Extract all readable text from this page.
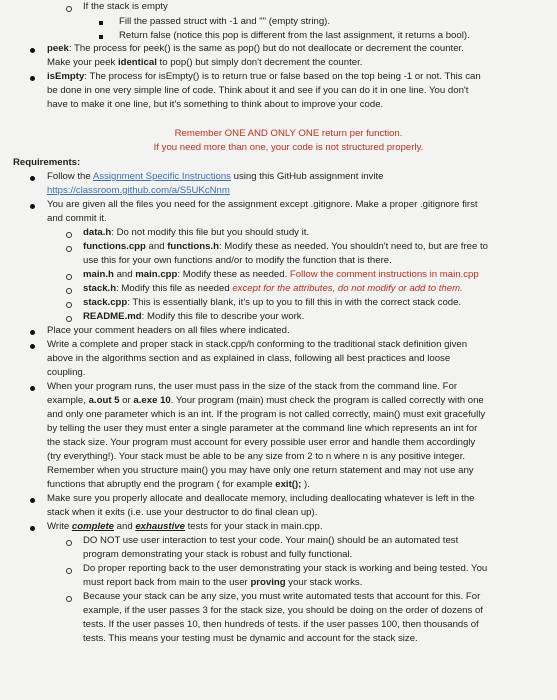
If the stack is empty
Fill the passed struct with -1 and "" (empty string).
Return false (notice this pop is different from the last assignment, it returns a bool).
peek: The process for peek() is the same as pop() but do not deallocate or decrement the counter.
Make your peek identical to pop() but simply don't decrement the counter.
isEmpty: The process for isEmpty() is to return true or false based on the top being -1 or not. This can
be done in one very simple line of code. Think about it and see if you can do it in one line. You don't
have to make it one line, but it's something to think about to improve your code.
Remember ONE AND ONLY ONE return per function.
If you need more than one, your code is not structured properly.
Requirements:
Follow the Assignment Specific Instructions using this GitHub assignment invite
https://classroom.github.com/a/S5UKcNnm
You are given all the files you need for the assignment except .gitignore. Make a proper .gitignore first
and commit it.
data.h: Do not modify this file but you should study it.
functions.cpp and functions.h: Modify these as needed. You shouldn't need to, but are free to
use this for your own functions and/or to modify the function that is there.
main.h and main.cpp: Modify these as needed. Follow the comment instructions in main.cpp
stack.h: Modify this file as needed except for the attributes, do not modify or add to them.
stack.cpp: This is essentially blank, it's up to you to fill this in with the correct stack code.
README.md: Modify this file to describe your work.
Place your comment headers on all files where indicated.
Write a complete and proper stack in stack.cpp/h conforming to the traditional stack definition given
above in the algorithms section and as explained in class, following all best practices and loose
coupling.
When your program runs, the user must pass in the size of the stack from the command line. For
example, a.out 5 or a.exe 10. Your program (main) must check the program is called correctly with one
and only one parameter which is an int. If the program is not called correctly, main() must exit gracefully
by telling the user they must enter a single parameter at the command line which represents an int for
the stack size. Your program must account for every possible user error and handle them accordingly
(try everything!). Your stack must be able to be any size from 2 to n where n is any positive integer.
Remember when you structure main() you may have only one return statement and may not use any
functions that abruptly end the program ( for example exit(); ).
Make sure you properly allocate and deallocate memory, including deallocating whatever is left in the
stack when it exits (i.e. use your destructor to do final clean up).
Write complete and exhaustive tests for your stack in main.cpp.
DO NOT use user interaction to test your code. Your main() should be an automated test
program demonstrating your stack is robust and fully functional.
Do proper reporting back to the user demonstrating your stack is working and being tested. You
must report back from main to the user proving your stack works.
Because your stack can be any size, you must write automated tests that account for this. For
example, if the user passes 3 for the stack size, you should be doing on the order of dozens of
tests. If the user passes 10, then hundreds of tests. if the user passes 100, then thousands of
tests. This means your testing must be dynamic and account for the stack size.
